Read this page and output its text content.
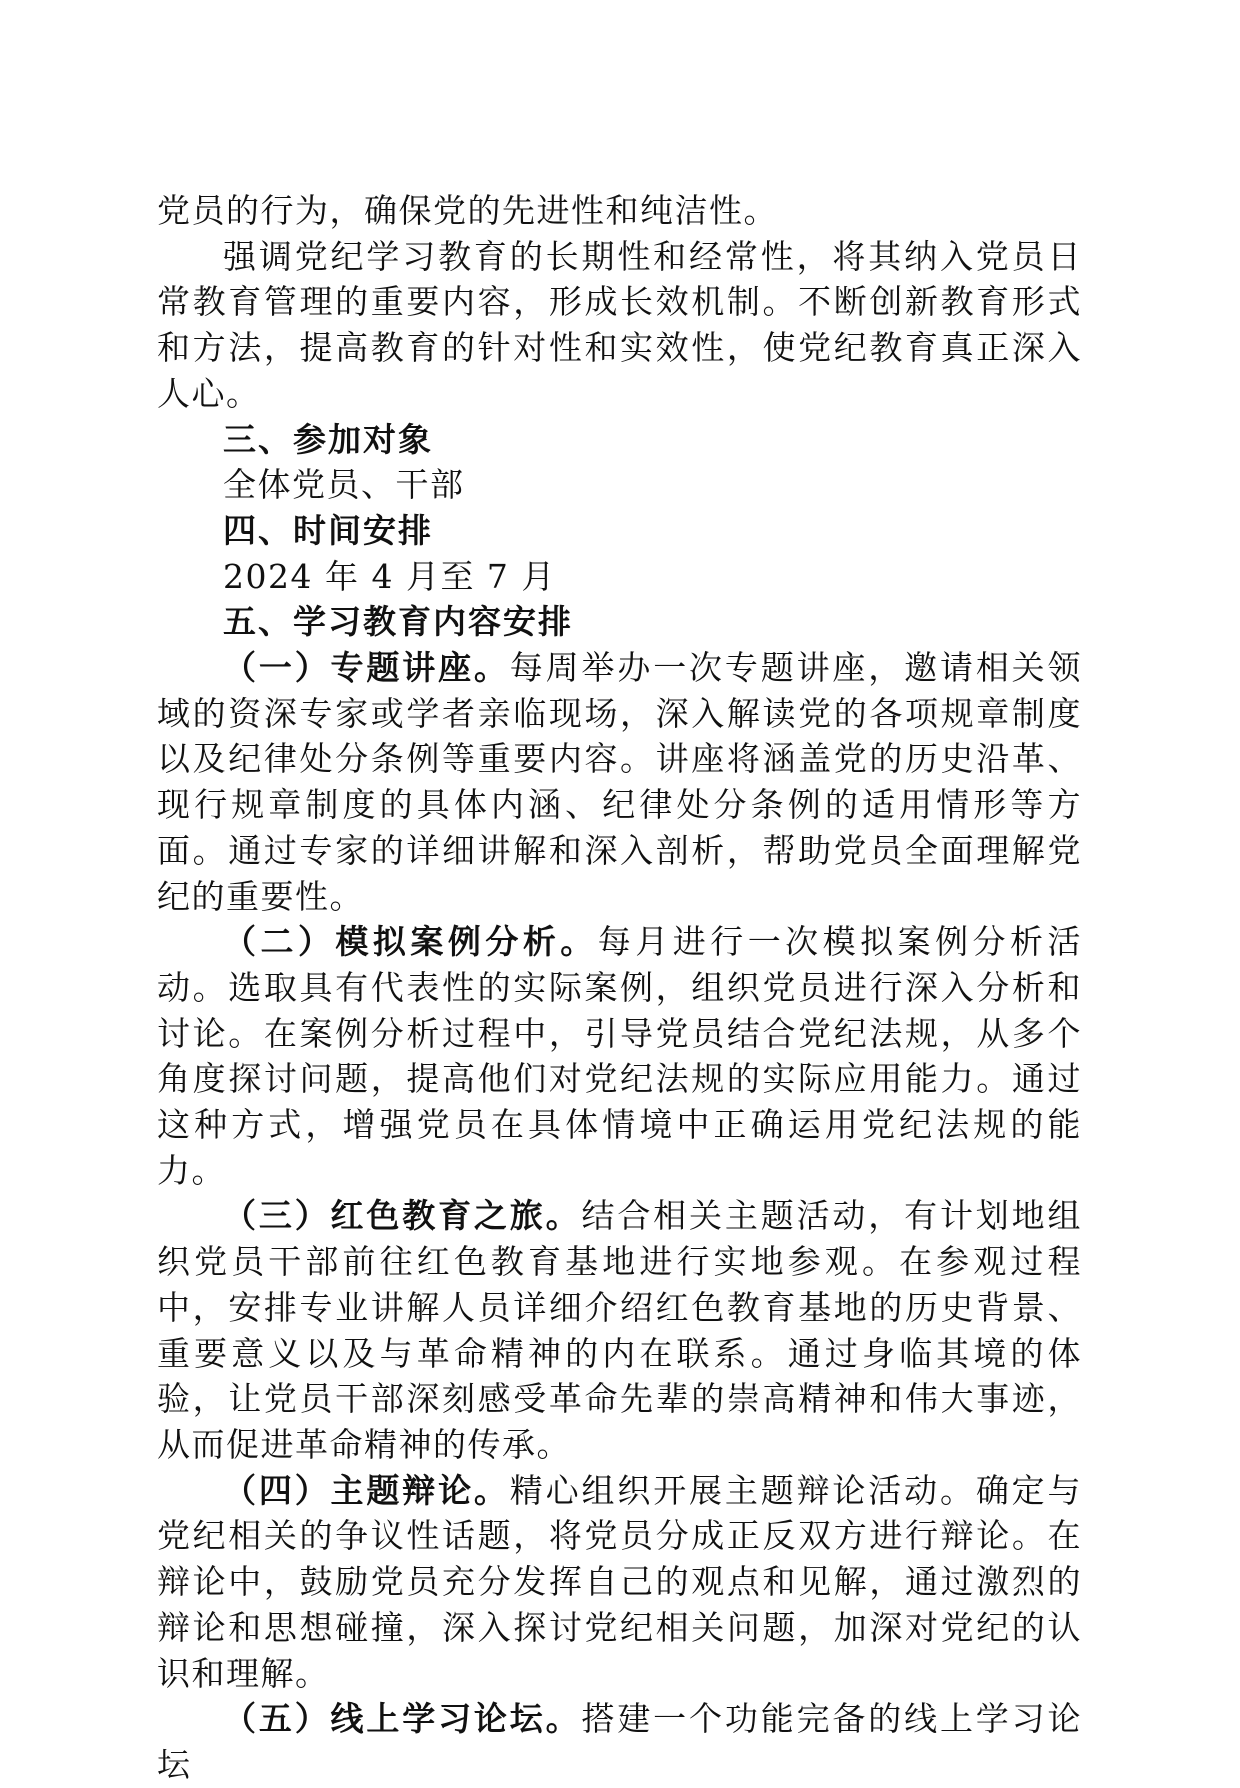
党员的行为，确保党的先进性和纯洁性。

强调党纪学习教育的长期性和经常性，将其纳入党员日常教育管理的重要内容，形成长效机制。不断创新教育形式和方法，提高教育的针对性和实效性，使党纪教育真正深入人心。

三、参加对象

全体党员、干部

四、时间安排

2024 年 4 月至 7 月

五、学习教育内容安排

（一）专题讲座。每周举办一次专题讲座，邀请相关领域的资深专家或学者亲临现场，深入解读党的各项规章制度以及纪律处分条例等重要内容。讲座将涵盖党的历史沿革、现行规章制度的具体内涵、纪律处分条例的适用情形等方面。通过专家的详细讲解和深入剖析，帮助党员全面理解党纪的重要性。

（二）模拟案例分析。每月进行一次模拟案例分析活动。选取具有代表性的实际案例，组织党员进行深入分析和讨论。在案例分析过程中，引导党员结合党纪法规，从多个角度探讨问题，提高他们对党纪法规的实际应用能力。通过这种方式，增强党员在具体情境中正确运用党纪法规的能力。

（三）红色教育之旅。结合相关主题活动，有计划地组织党员干部前往红色教育基地进行实地参观。在参观过程中，安排专业讲解人员详细介绍红色教育基地的历史背景、重要意义以及与革命精神的内在联系。通过身临其境的体验，让党员干部深刻感受革命先辈的崇高精神和伟大事迹，从而促进革命精神的传承。

（四）主题辩论。精心组织开展主题辩论活动。确定与党纪相关的争议性话题，将党员分成正反双方进行辩论。在辩论中，鼓励党员充分发挥自己的观点和见解，通过激烈的辩论和思想碰撞，深入探讨党纪相关问题，加深对党纪的认识和理解。

（五）线上学习论坛。搭建一个功能完备的线上学习论坛
